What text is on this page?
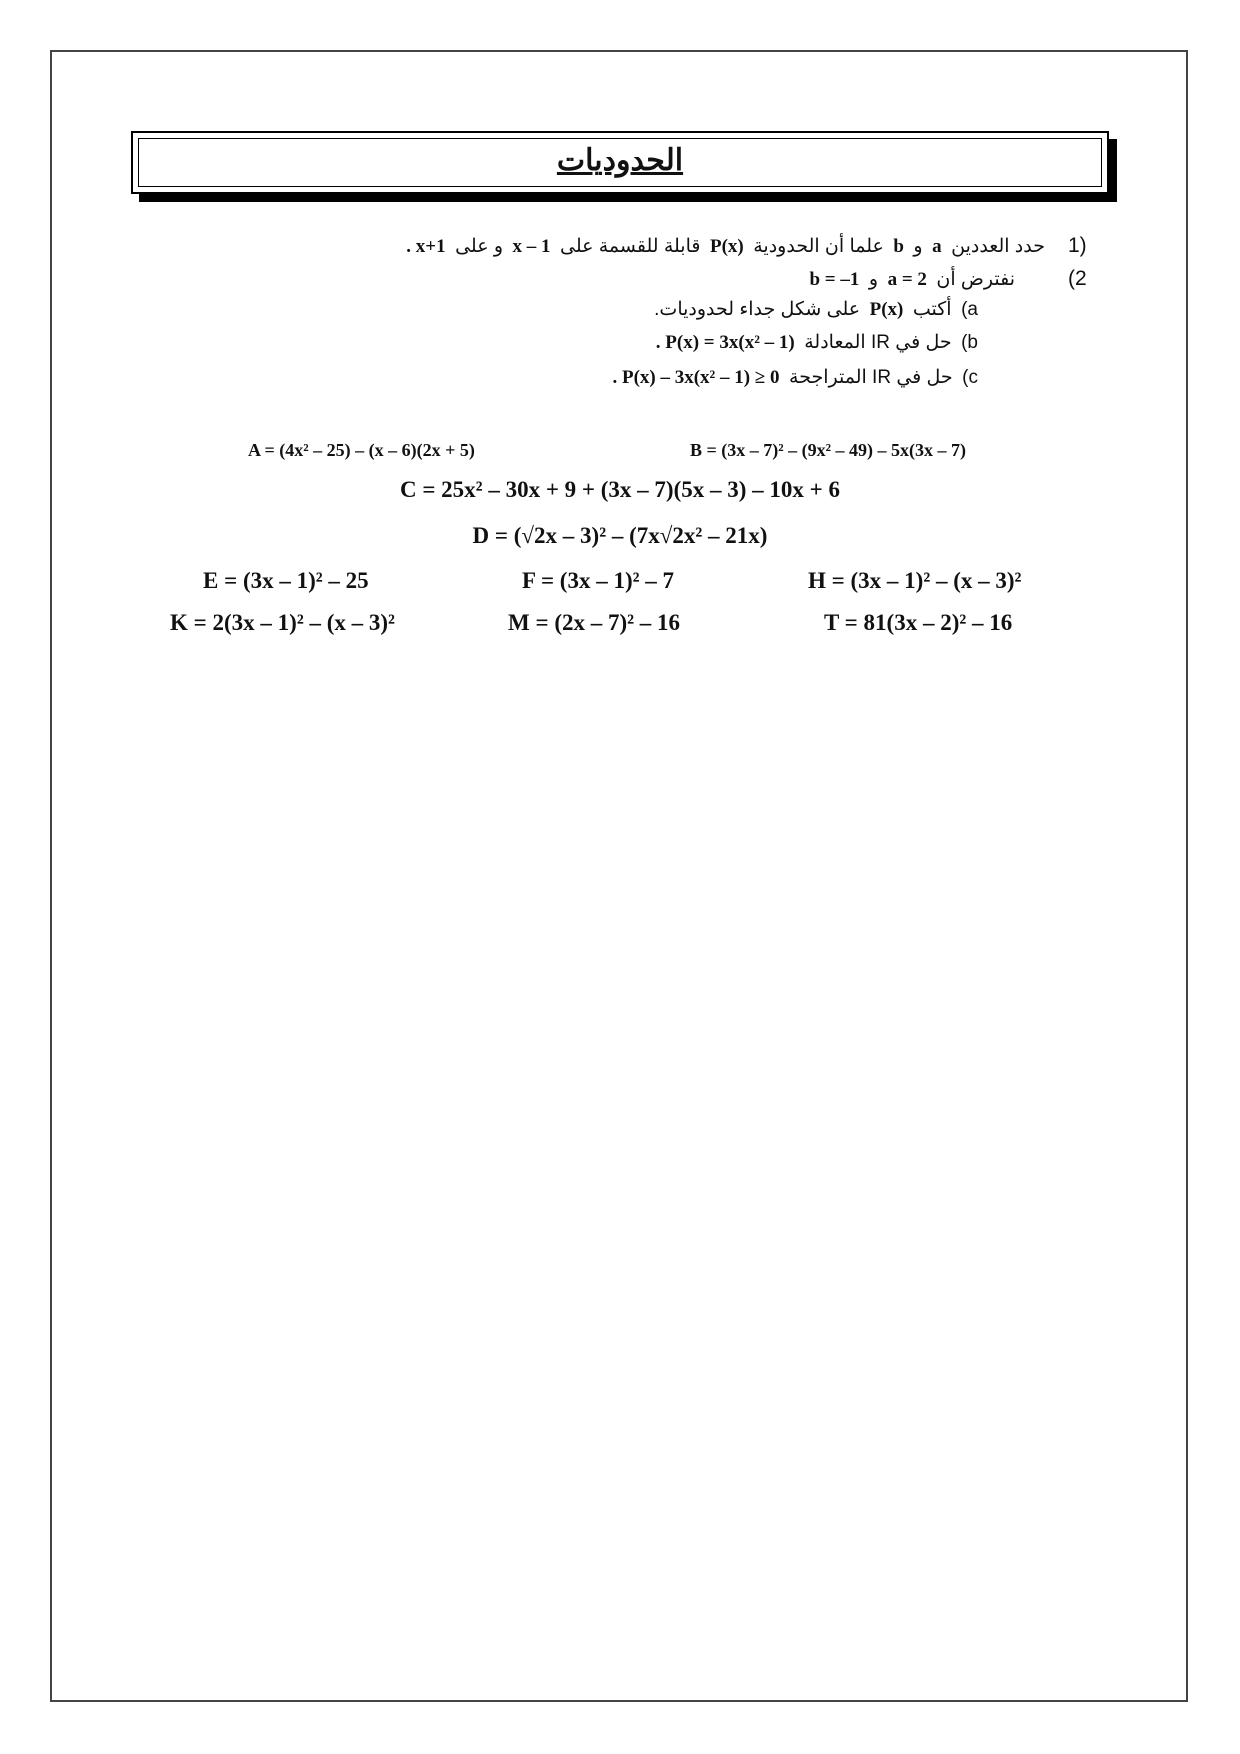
الحدوديات
1)
حدد العددين  a  و  b  علما أن الحدودية  P(x)  قابلة للقسمة على  x – 1  و على  x+1 .
(2
نفترض أن  a = 2  و  b = –1
a)  أكتب  P(x)  على شكل جداء لحدوديات.
b)  حل في IR المعادلة  P(x) = 3x(x² – 1) .
c)  حل في IR المتراجحة  P(x) – 3x(x² – 1) ≥ 0 .
A = (4x² – 25) – (x – 6)(2x + 5)	B = (3x – 7)² – (9x² – 49) – 5x(3x – 7)
C = 25x² – 30x + 9 + (3x – 7)(5x – 3) – 10x + 6
D = (√2x – 3)² – (7x√2x² – 21x)
E = (3x – 1)² – 25	F = (3x – 1)² – 7	H = (3x – 1)² – (x – 3)²
K = 2(3x – 1)² – (x – 3)²	M = (2x – 7)² – 16	T = 81(3x – 2)² – 16
